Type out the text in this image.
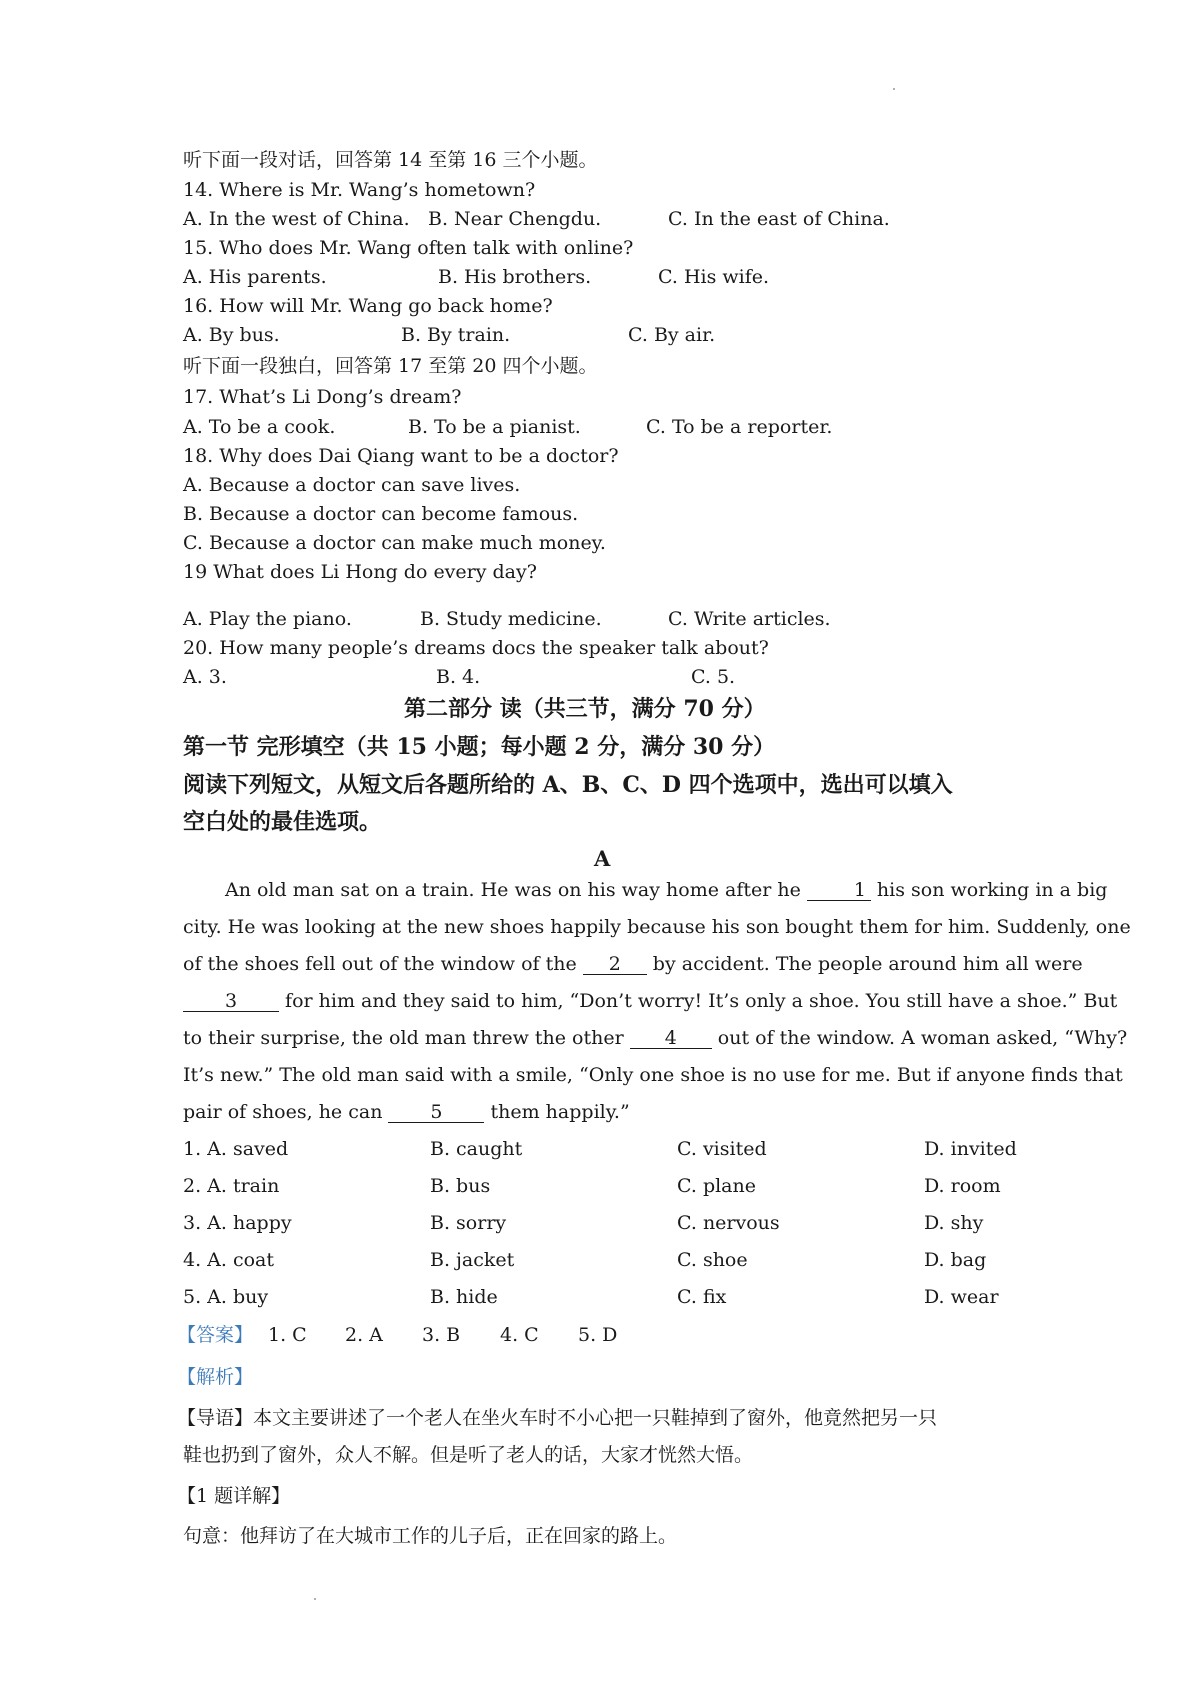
听下面一段对话，回答第 14 至第 16 三个小题。
14. Where is Mr. Wang’s hometown?
A. In the west of China. B. Near Chengdu.	C. In the east of China.
15. Who does Mr. Wang often talk with online?
A. His parents.	B. His brothers.	C. His wife.
16. How will Mr. Wang go back home?
A. By bus.	B. By train.	C. By air.
听下面一段独白，回答第 17 至第 20 四个小题。
17. What’s Li Dong’s dream?
A. To be a cook.	B. To be a pianist.	C. To be a reporter.
18. Why does Dai Qiang want to be a doctor?
A. Because a doctor can save lives.
B. Because a doctor can become famous.
C. Because a doctor can make much money.
19 What does Li Hong do every day?
A. Play the piano.	B. Study medicine.	C. Write articles.
20. How many people’s dreams docs the speaker talk about?
A. 3.	B. 4.	C. 5.
第二部分 读（共三节，满分 70 分）
第一节 完形填空（共 15 小题；每小题 2 分，满分 30 分）
阅读下列短文，从短文后各题所给的 A、B、C、D 四个选项中，选出可以填入
空白处的最佳选项。
A
An old man sat on a train. He was on his way home after he 1 his son working in a big
city. He was looking at the new shoes happily because his son bought them for him. Suddenly, one
of the shoes fell out of the window of the 2 by accident. The people around him all were
3 for him and they said to him, “Don’t worry! It’s only a shoe. You still have a shoe.” But
to their surprise, the old man threw the other 4 out of the window. A woman asked, “Why?
It’s new.” The old man said with a smile, “Only one shoe is no use for me. But if anyone finds that
pair of shoes, he can 5 them happily.”
1. A. saved	B. caught	C. visited	D. invited
2. A. train	B. bus	C. plane	D. room
3. A. happy	B. sorry	C. nervous	D. shy
4. A. coat	B. jacket	C. shoe	D. bag
5. A. buy	B. hide	C. fix	D. wear
【答案】 1. C 2. A 3. B 4. C 5. D
【解析】
【导语】本文主要讲述了一个老人在坐火车时不小心把一只鞋掉到了窗外，他竟然把另一只
鞋也扔到了窗外，众人不解。但是听了老人的话，大家才恍然大悟。
【1 题详解】
句意：他拜访了在大城市工作的儿子后，正在回家的路上。
